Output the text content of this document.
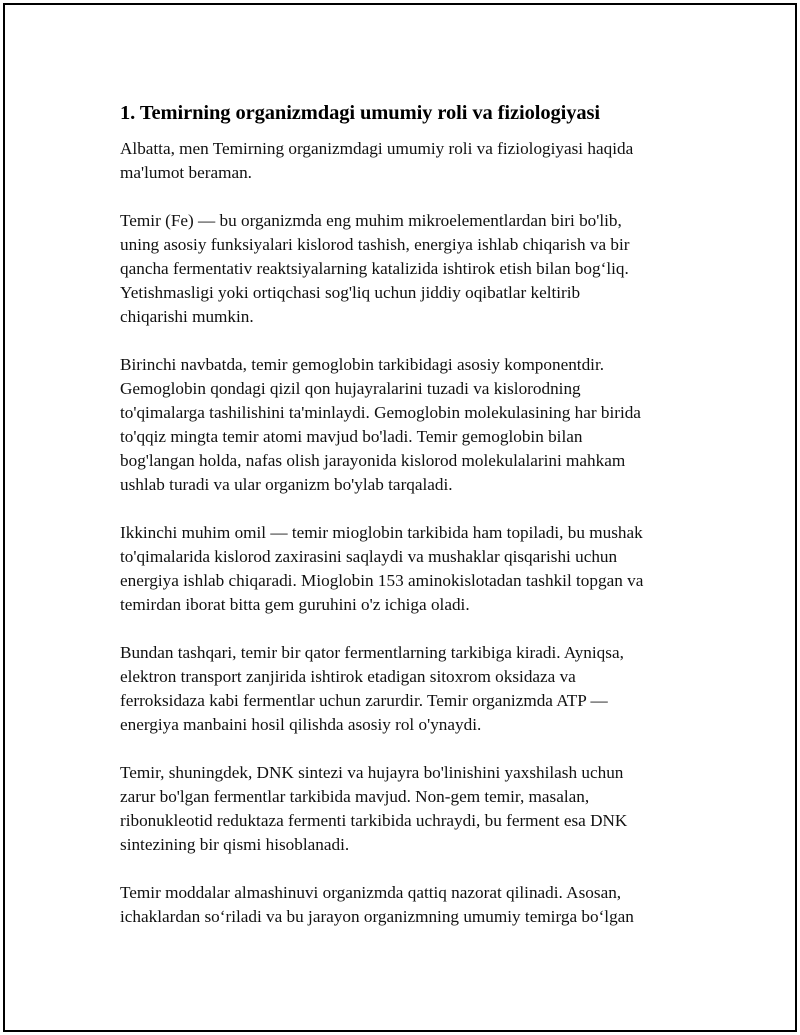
1. Temirning organizmdagi umumiy roli va fiziologiyasi

Albatta, men Temirning organizmdagi umumiy roli va fiziologiyasi haqida
ma'lumot beraman.

Temir (Fe) — bu organizmda eng muhim mikroelementlardan biri bo'lib,
uning asosiy funksiyalari kislorod tashish, energiya ishlab chiqarish va bir
qancha fermentativ reaktsiyalarning katalizida ishtirok etish bilan bog‘liq.
Yetishmasligi yoki ortiqchasi sog'liq uchun jiddiy oqibatlar keltirib
chiqarishi mumkin.

Birinchi navbatda, temir gemoglobin tarkibidagi asosiy komponentdir.
Gemoglobin qondagi qizil qon hujayralarini tuzadi va kislorodning
to'qimalarga tashilishini ta'minlaydi. Gemoglobin molekulasining har birida
to'qqiz mingta temir atomi mavjud bo'ladi. Temir gemoglobin bilan
bog'langan holda, nafas olish jarayonida kislorod molekulalarini mahkam
ushlab turadi va ular organizm bo'ylab tarqaladi.

Ikkinchi muhim omil — temir mioglobin tarkibida ham topiladi, bu mushak
to'qimalarida kislorod zaxirasini saqlaydi va mushaklar qisqarishi uchun
energiya ishlab chiqaradi. Mioglobin 153 aminokislotadan tashkil topgan va
temirdan iborat bitta gem guruhini o'z ichiga oladi.

Bundan tashqari, temir bir qator fermentlarning tarkibiga kiradi. Ayniqsa,
elektron transport zanjirida ishtirok etadigan sitoxrom oksidaza va
ferroksidaza kabi fermentlar uchun zarurdir. Temir organizmda ATP —
energiya manbaini hosil qilishda asosiy rol o'ynaydi.

Temir, shuningdek, DNK sintezi va hujayra bo'linishini yaxshilash uchun
zarur bo'lgan fermentlar tarkibida mavjud. Non-gem temir, masalan,
ribonukleotid reduktaza fermenti tarkibida uchraydi, bu ferment esa DNK
sintezining bir qismi hisoblanadi.

Temir moddalar almashinuvi organizmda qattiq nazorat qilinadi. Asosan,
ichaklardan so‘riladi va bu jarayon organizmning umumiy temirga bo‘lgan
